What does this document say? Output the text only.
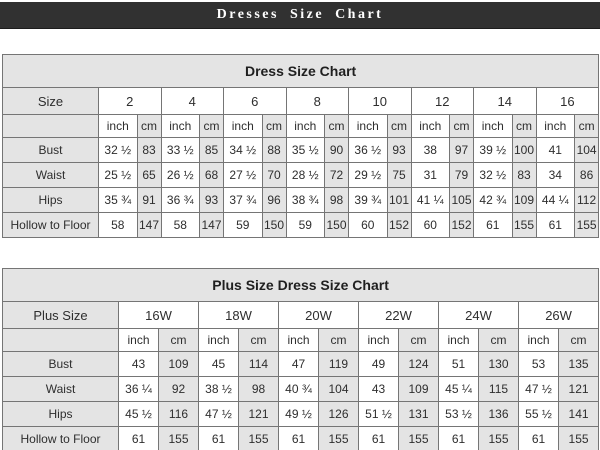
Dresses Size Chart
Dress Size Chart																
Size	2		4		6		8		10		12		14		16	
	inch	cm	inch	cm	inch	cm	inch	cm	inch	cm	inch	cm	inch	cm	inch	cm
Bust	32 ½	83	33 ½	85	34 ½	88	35 ½	90	36 ½	93	38	97	39 ½	100	41	104
Waist	25 ½	65	26 ½	68	27 ½	70	28 ½	72	29 ½	75	31	79	32 ½	83	34	86
Hips	35 ¾	91	36 ¾	93	37 ¾	96	38 ¾	98	39 ¾	101	41 ¼	105	42 ¾	109	44 ¼	112
Hollow to Floor	58	147	58	147	59	150	59	150	60	152	60	152	61	155	61	155
Plus Size Dress Size Chart												
Plus Size	16W		18W		20W		22W		24W		26W	
	inch	cm	inch	cm	inch	cm	inch	cm	inch	cm	inch	cm
Bust	43	109	45	114	47	119	49	124	51	130	53	135
Waist	36 ¼	92	38 ½	98	40 ¾	104	43	109	45 ¼	115	47 ½	121
Hips	45 ½	116	47 ½	121	49 ½	126	51 ½	131	53 ½	136	55 ½	141
Hollow to Floor	61	155	61	155	61	155	61	155	61	155	61	155
